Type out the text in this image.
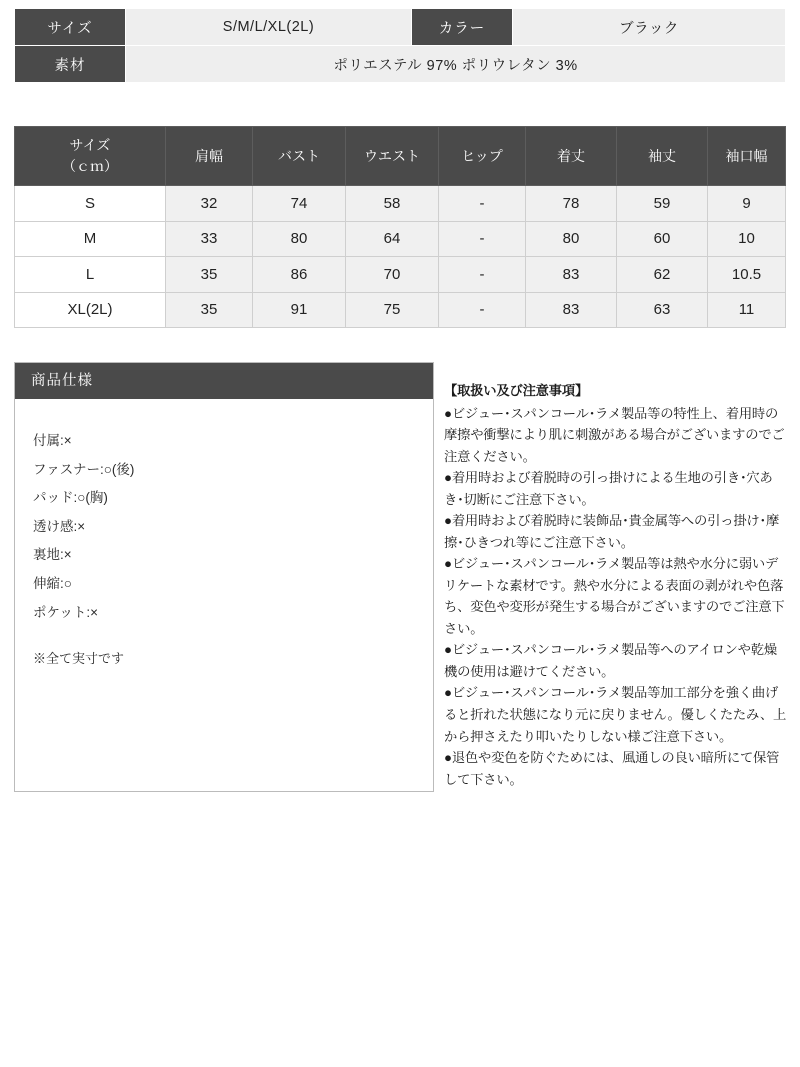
サイズ	S/M/L/XL(2L)	カラー	ブラック
素材	ポリエステル 97% ポリウレタン 3%		
サイズ
（ｃｍ）	肩幅	バスト	ウエスト	ヒップ	着丈	袖丈	袖口幅
S	32	74	58	-	78	59	9
M	33	80	64	-	80	60	10
L	35	86	70	-	83	62	10.5
XL(2L)	35	91	75	-	83	63	11
商品仕様
付属:×
ファスナー:○(後)
パッド:○(胸)
透け感:×
裏地:×
伸縮:○
ポケット:×
※全て実寸です
【取扱い及び注意事項】

●ビジュー･スパンコール･ラメ製品等の特性上、着用時の摩擦や衝撃により肌に刺激がある場合がございますのでご注意ください。

●着用時および着脱時の引っ掛けによる生地の引き･穴あき･切断にご注意下さい。

●着用時および着脱時に装飾品･貴金属等への引っ掛け･摩擦･ひきつれ等にご注意下さい。

●ビジュー･スパンコール･ラメ製品等は熱や水分に弱いデリケートな素材です。熱や水分による表面の剥がれや色落ち、変色や変形が発生する場合がございますのでご注意下さい。

●ビジュー･スパンコール･ラメ製品等へのアイロンや乾燥機の使用は避けてください。

●ビジュー･スパンコール･ラメ製品等加工部分を強く曲げると折れた状態になり元に戻りません。優しくたたみ、上から押さえたり叩いたりしない様ご注意下さい。

●退色や変色を防ぐためには、風通しの良い暗所にて保管して下さい。
